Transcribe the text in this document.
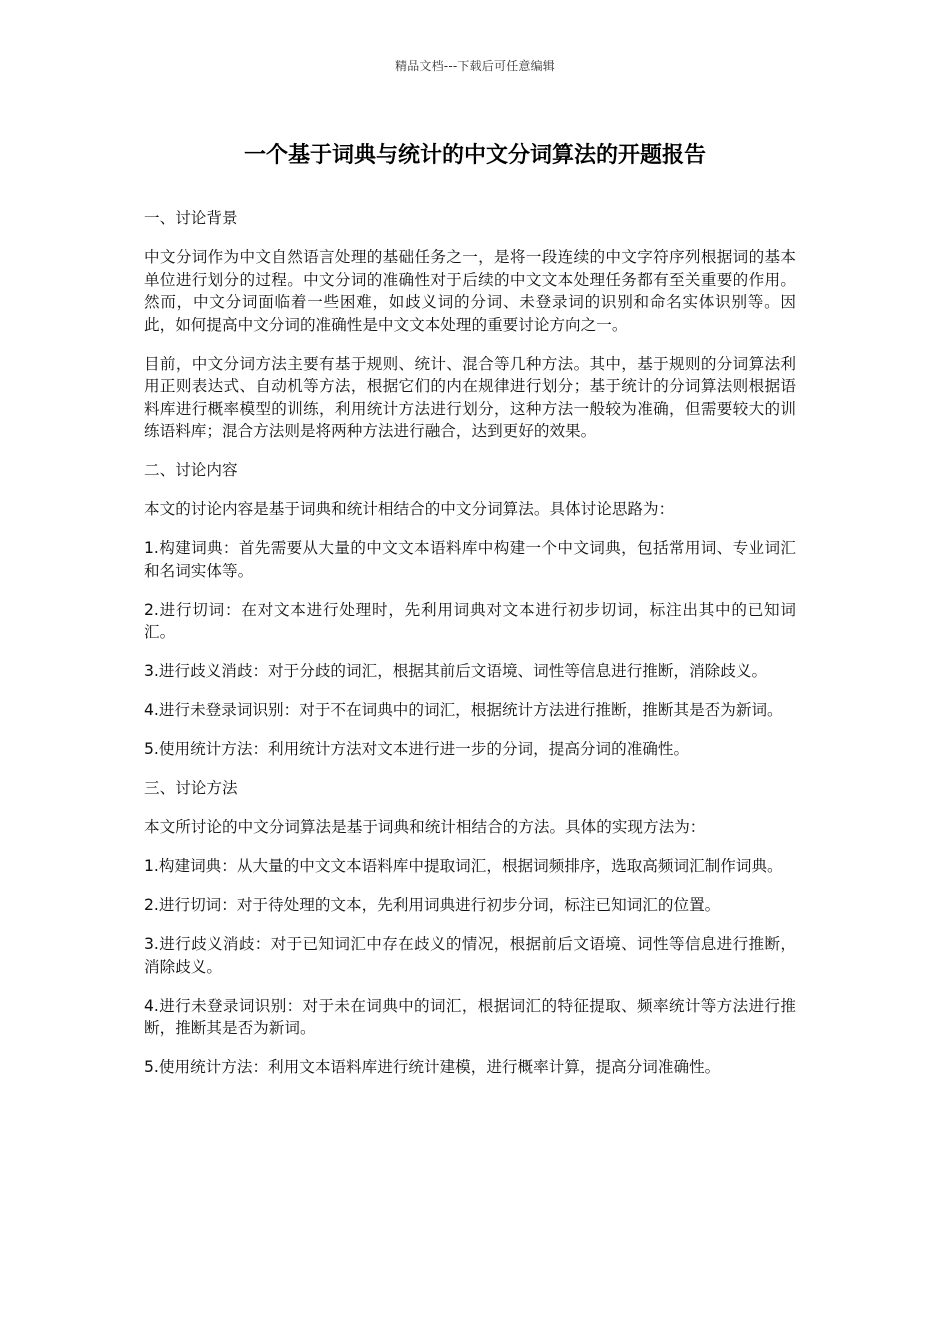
精品文档---下载后可任意编辑
一个基于词典与统计的中文分词算法的开题报告

一、讨论背景

中文分词作为中文自然语言处理的基础任务之一，是将一段连续的中文字符序列根据词的基本单位进行划分的过程。中文分词的准确性对于后续的中文文本处理任务都有至关重要的作用。然而，中文分词面临着一些困难，如歧义词的分词、未登录词的识别和命名实体识别等。因此，如何提高中文分词的准确性是中文文本处理的重要讨论方向之一。

目前，中文分词方法主要有基于规则、统计、混合等几种方法。其中，基于规则的分词算法利用正则表达式、自动机等方法，根据它们的内在规律进行划分；基于统计的分词算法则根据语料库进行概率模型的训练，利用统计方法进行划分，这种方法一般较为准确，但需要较大的训练语料库；混合方法则是将两种方法进行融合，达到更好的效果。

二、讨论内容

本文的讨论内容是基于词典和统计相结合的中文分词算法。具体讨论思路为：

1.构建词典：首先需要从大量的中文文本语料库中构建一个中文词典，包括常用词、专业词汇和名词实体等。

2.进行切词：在对文本进行处理时，先利用词典对文本进行初步切词，标注出其中的已知词汇。

3.进行歧义消歧：对于分歧的词汇，根据其前后文语境、词性等信息进行推断，消除歧义。

4.进行未登录词识别：对于不在词典中的词汇，根据统计方法进行推断，推断其是否为新词。

5.使用统计方法：利用统计方法对文本进行进一步的分词，提高分词的准确性。

三、讨论方法

本文所讨论的中文分词算法是基于词典和统计相结合的方法。具体的实现方法为：

1.构建词典：从大量的中文文本语料库中提取词汇，根据词频排序，选取高频词汇制作词典。

2.进行切词：对于待处理的文本，先利用词典进行初步分词，标注已知词汇的位置。

3.进行歧义消歧：对于已知词汇中存在歧义的情况，根据前后文语境、词性等信息进行推断，消除歧义。

4.进行未登录词识别：对于未在词典中的词汇，根据词汇的特征提取、频率统计等方法进行推断，推断其是否为新词。

5.使用统计方法：利用文本语料库进行统计建模，进行概率计算，提高分词准确性。
